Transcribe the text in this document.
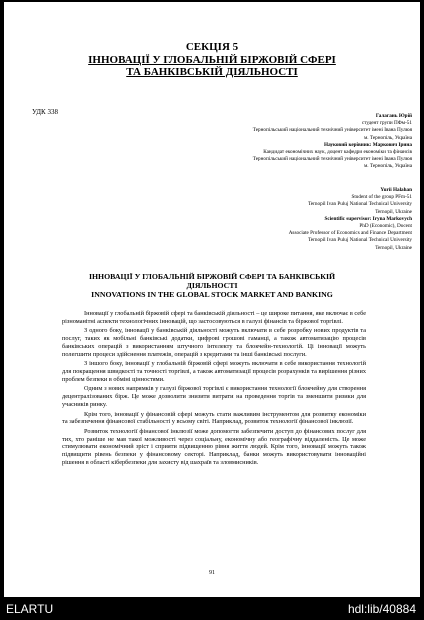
СЕКЦІЯ 5
ІННОВАЦІЇ У ГЛОБАЛЬНІЙ БІРЖОВІЙ СФЕРІ
ТА БАНКІВСЬКІЙ ДІЯЛЬНОСТІ
УДК 338	Галагань Юрій
студент групи ПФм-51
Тернопільський національний технічний університет імені Івана Пулюя
м. Тернопіль, Україна
Науковий керівник: Маркович Ірина
Кандидат економічних наук, доцент кафедри економіки та фінансів
Тернопільський національний технічний університет імені Івана Пулюя
м. Тернопіль, Україна
Yurii Halahan
Student of the group PFm-51
Ternopil Ivan Puluj National Technical University
Ternopil, Ukraine
Scientific supervisor: Iryna Markovych
PhD (Economic), Docent
Associate Professor of Economics and Finance Department
Ternopil Ivan Puluj National Technical University
Ternopil, Ukraine
ІННОВАЦІЇ У ГЛОБАЛЬНІЙ БІРЖОВІЙ СФЕРІ ТА БАНКІВСЬКІЙ
ДІЯЛЬНОСТІ
INNOVATIONS IN THE GLOBAL STOCK MARKET AND BANKING

Інновації у глобальній біржовій сфері та банківській діяльності – це широке питання, яке включає в себе різноманітні аспекти технологічних інновацій, що застосовуються в галузі фінансів та біржової торгівлі.

З одного боку, інновації у банківській діяльності можуть включати в себе розробку нових продуктів та послуг, таких як мобільні банківські додатки, цифрові грошові гаманці, а також автоматизацію процесів банківських операцій з використанням штучного інтелекту та блокчейн-технологій. Ці інновації можуть полегшити процеси здійснення платежів, операцій з кредитами та інші банківські послуги.

З іншого боку, інновації у глобальній біржовій сфері можуть включати в себе використання технологій для покращення швидкості та точності торгівлі, а також автоматизації процесів розрахунків та вирішення різних проблем безпеки в обміні цінностями.

Одним з нових напрямків у галузі біржової торгівлі є використання технології блокчейну для створення децентралізованих бірж. Це може дозволити знизити витрати на проведення торгів та зменшити ризики для учасників ринку.

Крім того, інновації у фінансовій сфері можуть стати важливим інструментом для розвитку економіки та забезпечення фінансової стабільності у всьому світі. Наприклад, розвиток технології фінансової інклюзії.

Розвиток технології фінансової інклюзії може допомогти забезпечити доступ до фінансових послуг для тих, хто раніше не мав такої можливості через соціальну, економічну або географічну віддаленість. Це може стимулювати економічний зріст і сприяти підвищенню рівня життя людей. Крім того, інновації можуть також підвищити рівень безпеки у фінансовому секторі. Наприклад, банки можуть використовувати інноваційні рішення в області кібербезпеки для захисту від шахраїв та зловмисників.

91
ELARTU	hdl:lib/40884
